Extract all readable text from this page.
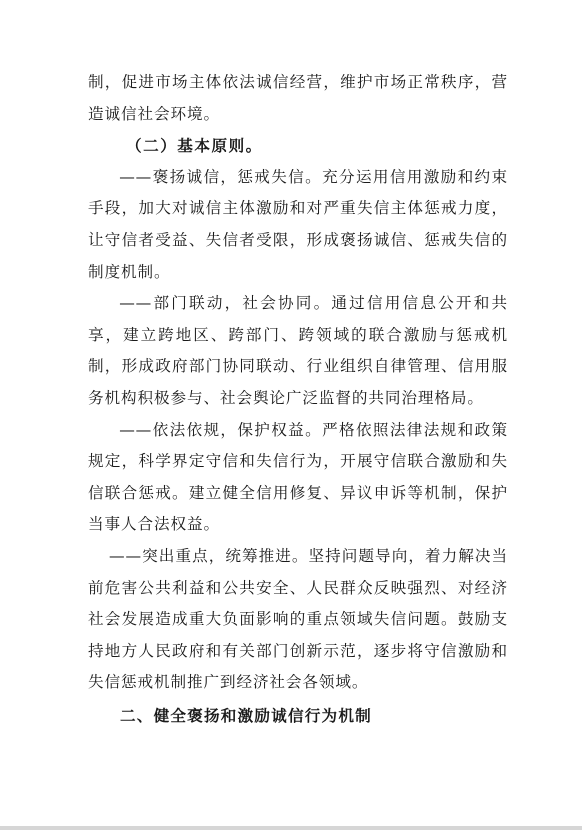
制，促进市场主体依法诚信经营，维护市场正常秩序，营造诚信社会环境。

（二）基本原则。

——褒扬诚信，惩戒失信。充分运用信用激励和约束手段，加大对诚信主体激励和对严重失信主体惩戒力度，让守信者受益、失信者受限，形成褒扬诚信、惩戒失信的制度机制。

——部门联动，社会协同。通过信用信息公开和共享，建立跨地区、跨部门、跨领域的联合激励与惩戒机制，形成政府部门协同联动、行业组织自律管理、信用服务机构积极参与、社会舆论广泛监督的共同治理格局。

——依法依规，保护权益。严格依照法律法规和政策规定，科学界定守信和失信行为，开展守信联合激励和失信联合惩戒。建立健全信用修复、异议申诉等机制，保护当事人合法权益。

——突出重点，统筹推进。坚持问题导向，着力解决当前危害公共利益和公共安全、人民群众反映强烈、对经济社会发展造成重大负面影响的重点领域失信问题。鼓励支持地方人民政府和有关部门创新示范，逐步将守信激励和失信惩戒机制推广到经济社会各领域。

二、健全褒扬和激励诚信行为机制
